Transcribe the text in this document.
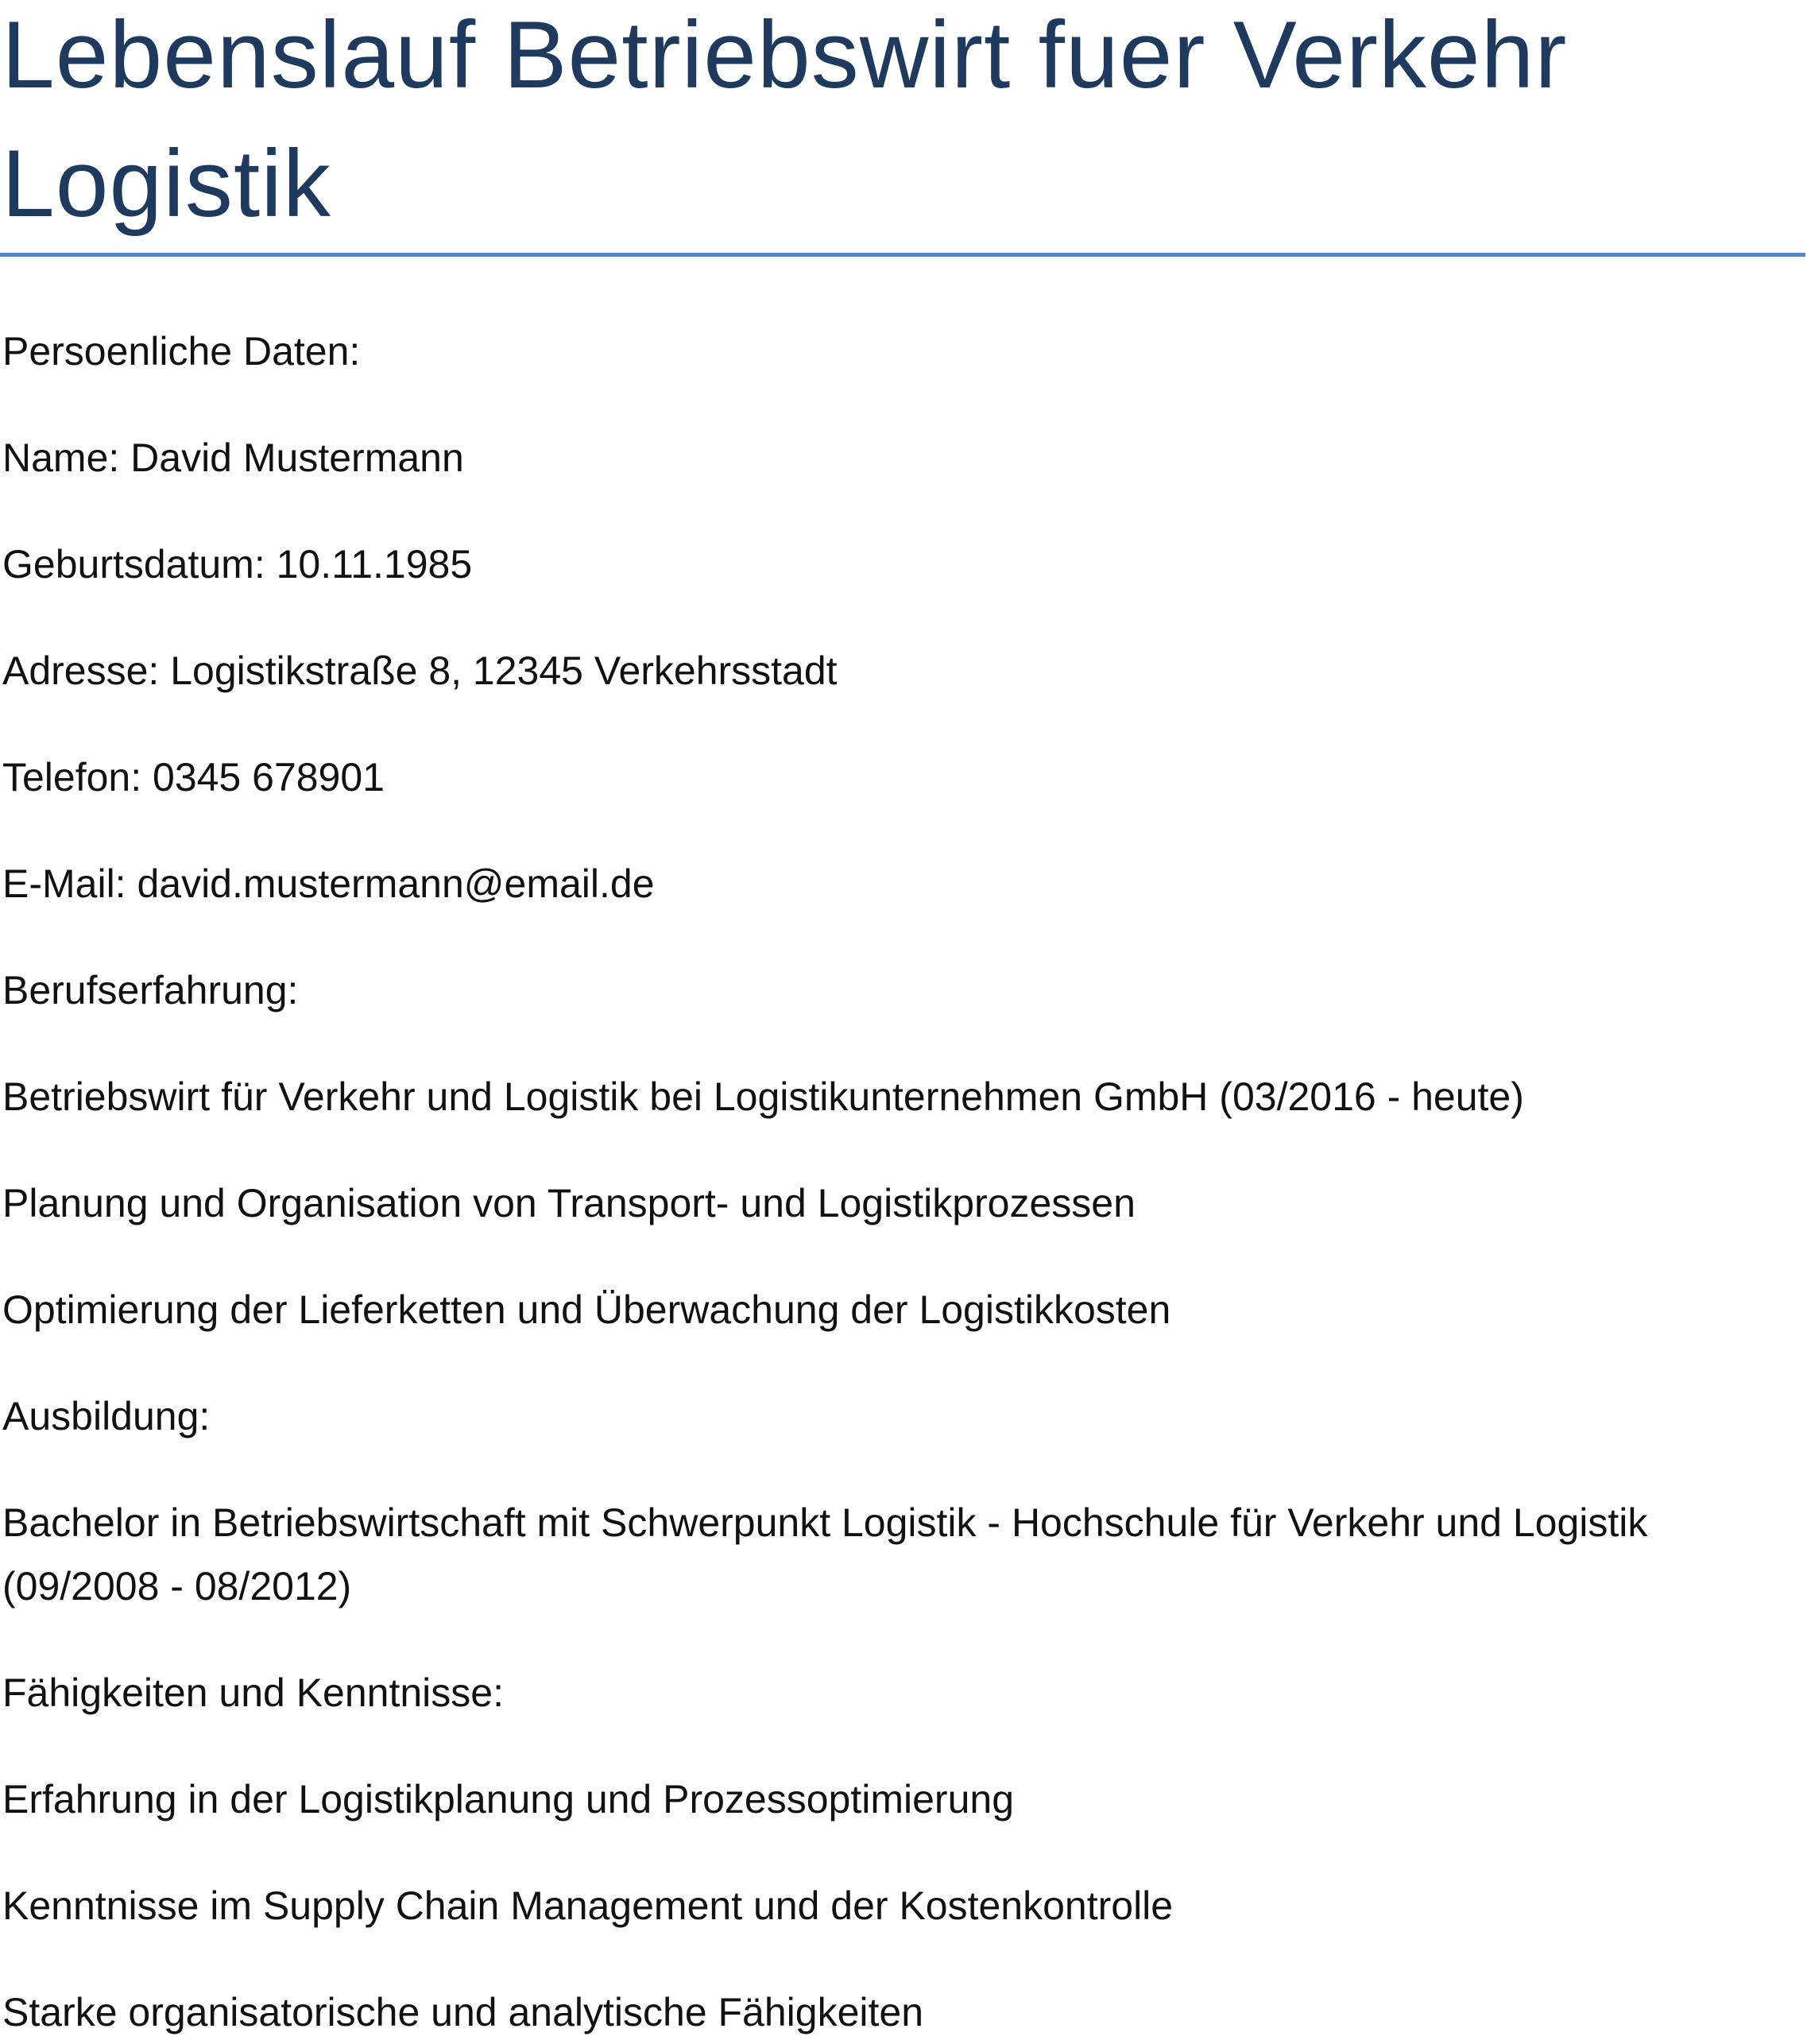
Lebenslauf Betriebswirt fuer Verkehr Logistik

Persoenliche Daten:

Name: David Mustermann

Geburtsdatum: 10.11.1985

Adresse: Logistikstraße 8, 12345 Verkehrsstadt

Telefon: 0345 678901

E-Mail: david.mustermann@email.de

Berufserfahrung:

Betriebswirt für Verkehr und Logistik bei Logistikunternehmen GmbH (03/2016 - heute)

Planung und Organisation von Transport- und Logistikprozessen

Optimierung der Lieferketten und Überwachung der Logistikkosten

Ausbildung:

Bachelor in Betriebswirtschaft mit Schwerpunkt Logistik - Hochschule für Verkehr und Logistik (09/2008 - 08/2012)

Fähigkeiten und Kenntnisse:

Erfahrung in der Logistikplanung und Prozessoptimierung

Kenntnisse im Supply Chain Management und der Kostenkontrolle

Starke organisatorische und analytische Fähigkeiten
